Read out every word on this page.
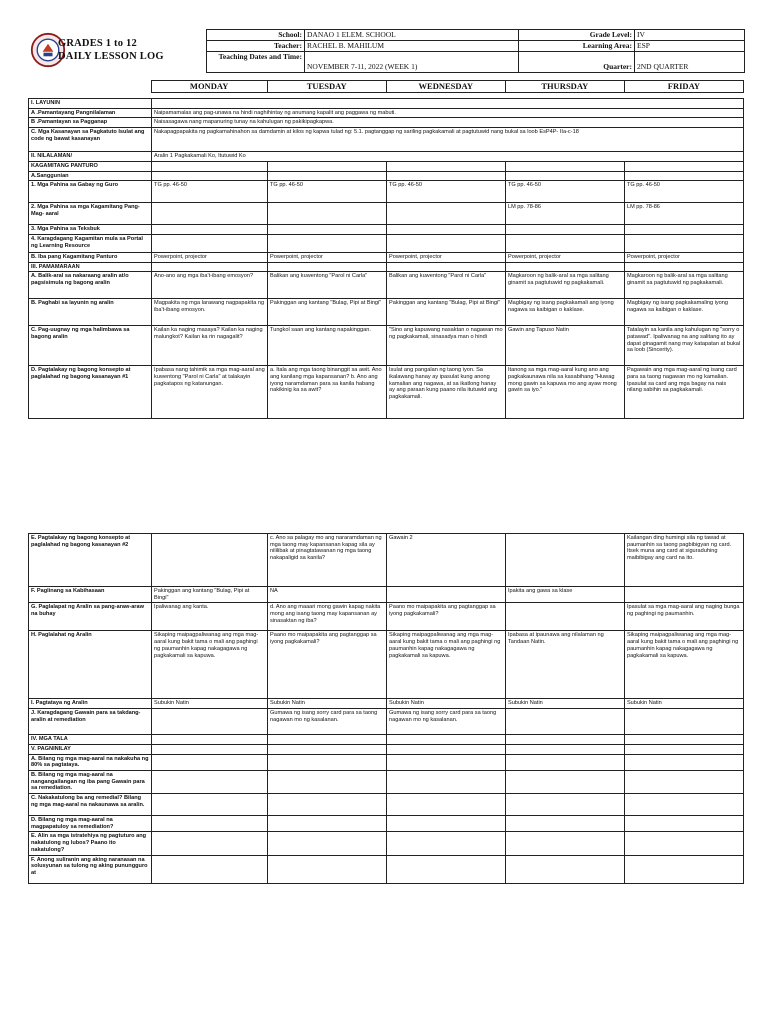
GRADES 1 to 12
DAILY LESSON LOG
School:	DANAO 1 ELEM. SCHOOL	Grade Level:	IV
Teacher:	RACHEL B. MAHILUM	Learning Area:	ESP
Teaching Dates and Time:	NOVEMBER 7-11, 2022 (WEEK 1)	Quarter:	2ND QUARTER
	MONDAY	TUESDAY	WEDNESDAY	THURSDAY	FRIDAY
I. LAYUNIN					
A .Pamantayang Pangnilalaman	Naipamamalas ang pag-unawa na hindi naghihintay ng anumang kapalit ang paggawa ng mabuti.				
B .Pamantayan sa Pagganap	Naisasagawa nang mapanuring tunay na kahulugan ng pakikipagkapwa.				
C. Mga Kasanayan sa Pagkatuto Isulat ang code ng bawat kasanayan	Nakapagpapakita ng pagkamahinahon sa damdamin at kilos ng kapwa tulad ng: 5.1. pagtanggap ng sariling pagkakamali at pagtutuwid nang bukal sa loob EsP4P- IIa-c-18				
II. NILALAMAN/	Aralin 1 Pagkakamali Ko, Itutuwid Ko				
KAGAMITANG PANTURO					
A.Sanggunian					
1. Mga Pahina sa Gabay ng Guro	TG pp. 46-50	TG pp. 46-50	TG pp. 46-50	TG pp. 46-50	TG pp. 46-50
2. Mga Pahina sa mga Kagamitang Pang- Mag- aaral				LM pp. 78-86	LM pp. 78-86
3. Mga Pahina sa Teksbuk					
4. Karagdagang Kagamitan mula sa Portal ng Learning Resource					
B. Iba pang Kagamitang Panturo	Powerpoint, projector	Powerpoint, projector	Powerpoint, projector	Powerpoint, projector	Powerpoint, projector
III. PAMAMARAAN					
A. Balik-aral sa nakaraang aralin at/o pagsisimula ng bagong aralin	Ano-ano ang mga iba't-ibang emosyon?	Balikan ang kuwentong "Parol ni Carla"	Balikan ang kuwentong "Parol ni Carla"	Magkaroon ng balik-aral sa mga salitang ginamit sa pagtutuwid ng pagkakamali.	Magkaroon ng balik-aral sa mga salitang ginamit sa pagtutuwid ng pagkakamali.
B. Paghabi sa layunin ng aralin	Magpakita ng mga larawang nagpapakita ng iba't-ibang emosyon.	Pakinggan ang kantang "Bulag, Pipi at Bingi"	Pakinggan ang kantang "Bulag, Pipi at Bingi"	Magbigay ng isang pagkakamali ang iyong nagawa sa kaibigan o kaklase.	Magbigay ng isang pagkakamaling iyong nagawa sa kaibigan o kaklase.
C. Pag-uugnay ng mga halimbawa sa bagong aralin	Kailan ka naging masaya? Kailan ka naging malungkot? Kailan ka rin nagagalit?	Tungkol saan ang kantang napakinggan.	"Sino ang kapuwang nasaktan o nagawan mo ng pagkakamali, sinasadya man o hindi	Gawin ang Tapuso Natin	Tatalayin sa kanila ang kahulugan ng "sorry o patawad". Ipaliwanag na ang salitang ito ay dapat ginagamit nang may katapatan at bukal sa loob (Sincerity).
D. Pagtalakay ng bagong konsepto at paglalahad ng bagong kasanayan #1	Ipabasa nang tahimik sa mga mag-aaral ang kuwentong "Parol ni Carla" at talakayin pagkatapos ng katanungan.	a. Itala ang mga taong binanggit sa awit. Ano ang kanilang mga kapansanan? b. Ano ang iyong naramdaman para sa kanila habang nakikinig ka sa awit?	Isulat ang pangalan ng taong iyon. Sa ikalawang hanay ay ipasulat kung anong kamalian ang nagawa, at sa ikatlong hanay ay ang paraan kung paano nila itutuwid ang pagkakamali.	Itanong sa mga mag-aaral kung ano ang pagkakaunawa nila sa kasabihang "Huwag mong gawin sa kapuwa mo ang ayaw mong gawin sa iyo."	Pagawain ang mga mag-aaral ng isang card para sa taong nagawan mo ng kamalian. Ipasulat sa card ang mga bagay na nais nilang sabihin sa pagkakamali.
E. Pagtalakay ng bagong konsepto at paglalahad ng bagong kasanayan #2		c. Ano sa palagay mo ang nararamdaman ng mga taong may kapansanan kapag sila ay nililibak at pinagtatawanan ng mga taong nakapaligid sa kanila?	Gawain 2		Kailangan ding humingi sila ng tawad at paumanhin sa taong pagbibigyan ng card. Itsek muna ang card at siguraduhing maibibigay ang card na ito.
F. Paglinang sa Kabihasaan	Pakinggan ang kantang "Bulag, Pipi at Bingi"	NA		Ipakita ang gawa sa klase	
G. Paglalapat ng Aralin sa pang-araw-araw na buhay	Ipaliwanag ang kanta.	d. Ano ang maaari mong gawin kapag nakita mong ang isang taong may kapansanan ay sinasaktan ng iba?	Paano mo maipapakita ang pagtanggap sa iyong pagkakamali?		Ipasulat sa mga mag-aaral ang naging bunga ng paghingi ng paumanhin.
H. Paglalahat ng Aralin	Sikaping maipagpaliwanag ang mga mag-aaral kung bakit tama o mali ang paghingi ng paumanhin kapag nakagagawa ng pagkakamali sa kapuwa.	Paano mo maipapakita ang pagtanggap sa iyong pagkakamali?	Sikaping maipagpaliwanag ang mga mag-aaral kung bakit tama o mali ang paghingi ng paumanhin kapag nakagagawa ng pagkakamali sa kapuwa.	Ipabasa at ipaunawa ang nilalaman ng Tandaan Natin.	Sikaping maipagpaliwanag ang mga mag-aaral kung bakit tama o mali ang paghingi ng paumanhin kapag nakagagawa ng pagkakamali sa kapuwa.
I. Pagtataya ng Aralin	Subukin Natin	Subukin Natin	Subukin Natin	Subukin Natin	Subukin Natin
J. Karagdagang Gawain para sa takdang- aralin at remediation		Gumawa ng isang sorry card para sa taong nagawan mo ng kasalanan.	Gumawa ng isang sorry card para sa taong nagawan mo ng kasalanan.		
IV. MGA TALA					
V. PAGNINILAY					
A. Bilang ng mga mag-aaral na nakakuha ng 80% sa pagtataya.					
B. Bilang ng mga mag-aaral na nangangailangan ng iba pang Gawain para sa remediation.					
C. Nakakatulong ba ang remedial? Bilang ng mga mag-aaral na nakaunawa sa aralin.					
D. Bilang ng mga mag-aaral na magpapatuloy sa remediation?					
E. Alin sa mga istratehiya ng pagtuturo ang nakatulong ng lubos? Paano ito nakatulong?					
F. Anong suliranin ang aking naranasan na solusyunan sa tulong ng aking punungguro at					
